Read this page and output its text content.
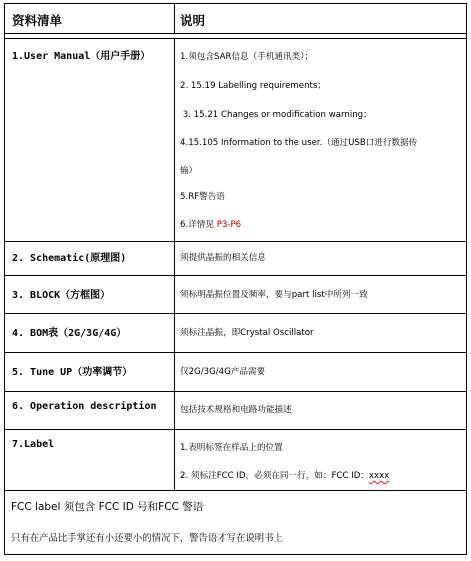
资料清单	说明
1.User Manual（用户手册）	1.须包含SAR信息（手机通讯类）；
2. 15.19 Labelling requirements；
3. 15.21 Changes or modification warning；
4.15.105 Information to the user.（通过USB口进行数据传
输）
5.RF警告语
6.详情见 P3-P6
2. Schematic(原理图)	须提供晶振的相关信息
3. BLOCK（方框图）	须标明晶振位置及频率，要与part list中所列一致
4. BOM表（2G/3G/4G）	须标注晶振，即Crystal Oscillator
5. Tune UP（功率调节）	仅2G/3G/4G产品需要
6. Operation description	包括技术规格和电路功能描述
7.Label	1.表明标签在样品上的位置
2. 须标注FCC ID，必须在同一行，如：FCC ID：xxxx
FCC label 须包含 FCC ID 号和FCC 警语
只有在产品比手掌还有小还要小的情况下，警告语才写在说明书上
